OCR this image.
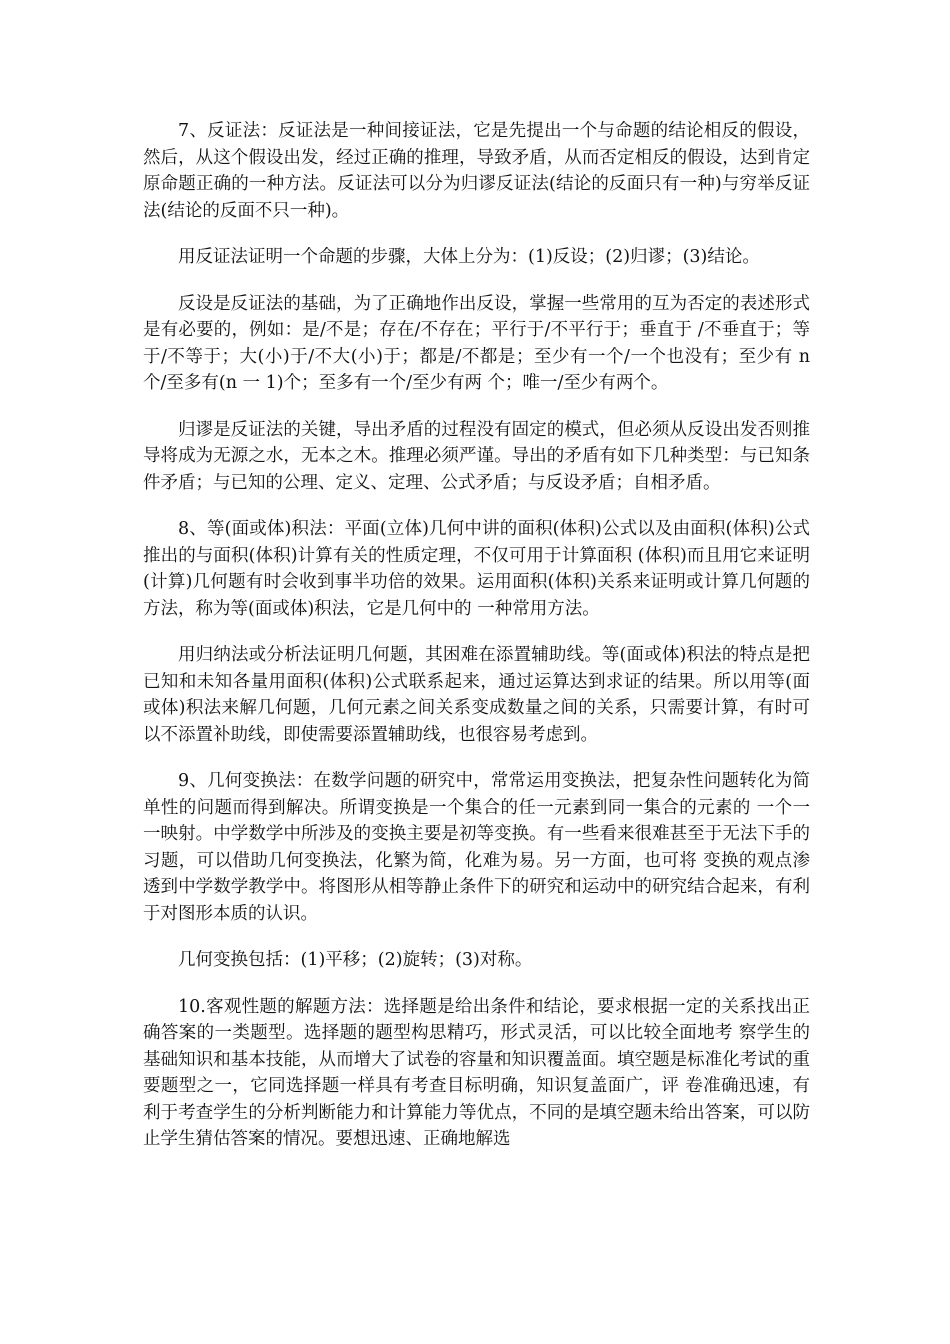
7、反证法：反证法是一种间接证法，它是先提出一个与命题的结论相反的假设，然后，从这个假设出发，经过正确的推理，导致矛盾，从而否定相反的假设，达到肯定原命题正确的一种方法。反证法可以分为归谬反证法(结论的反面只有一种)与穷举反证法(结论的反面不只一种)。

用反证法证明一个命题的步骤，大体上分为：(1)反设；(2)归谬；(3)结论。

反设是反证法的基础，为了正确地作出反设，掌握一些常用的互为否定的表述形式是有必要的，例如：是/不是；存在/不存在；平行于/不平行于；垂直于 /不垂直于；等于/不等于；大(小)于/不大(小)于；都是/不都是；至少有一个/一个也没有；至少有 n 个/至多有(n 一 1)个；至多有一个/至少有两 个；唯一/至少有两个。

归谬是反证法的关键，导出矛盾的过程没有固定的模式，但必须从反设出发否则推导将成为无源之水，无本之木。推理必须严谨。导出的矛盾有如下几种类型：与已知条件矛盾；与已知的公理、定义、定理、公式矛盾；与反设矛盾；自相矛盾。

8、等(面或体)积法：平面(立体)几何中讲的面积(体积)公式以及由面积(体积)公式推出的与面积(体积)计算有关的性质定理，不仅可用于计算面积 (体积)而且用它来证明(计算)几何题有时会收到事半功倍的效果。运用面积(体积)关系来证明或计算几何题的方法，称为等(面或体)积法，它是几何中的 一种常用方法。

用归纳法或分析法证明几何题，其困难在添置辅助线。等(面或体)积法的特点是把已知和未知各量用面积(体积)公式联系起来，通过运算达到求证的结果。所以用等(面或体)积法来解几何题，几何元素之间关系变成数量之间的关系，只需要计算，有时可以不添置补助线，即使需要添置辅助线，也很容易考虑到。

9、几何变换法：在数学问题的研究中，常常运用变换法，把复杂性问题转化为简单性的问题而得到解决。所谓变换是一个集合的任一元素到同一集合的元素的 一个一一映射。中学数学中所涉及的变换主要是初等变换。有一些看来很难甚至于无法下手的习题，可以借助几何变换法，化繁为简，化难为易。另一方面，也可将 变换的观点渗透到中学数学教学中。将图形从相等静止条件下的研究和运动中的研究结合起来，有利于对图形本质的认识。

几何变换包括：(1)平移；(2)旋转；(3)对称。

10.客观性题的解题方法：选择题是给出条件和结论，要求根据一定的关系找出正确答案的一类题型。选择题的题型构思精巧，形式灵活，可以比较全面地考 察学生的基础知识和基本技能，从而增大了试卷的容量和知识覆盖面。填空题是标准化考试的重要题型之一，它同选择题一样具有考查目标明确，知识复盖面广，评 卷准确迅速，有利于考查学生的分析判断能力和计算能力等优点，不同的是填空题未给出答案，可以防止学生猜估答案的情况。要想迅速、正确地解选
